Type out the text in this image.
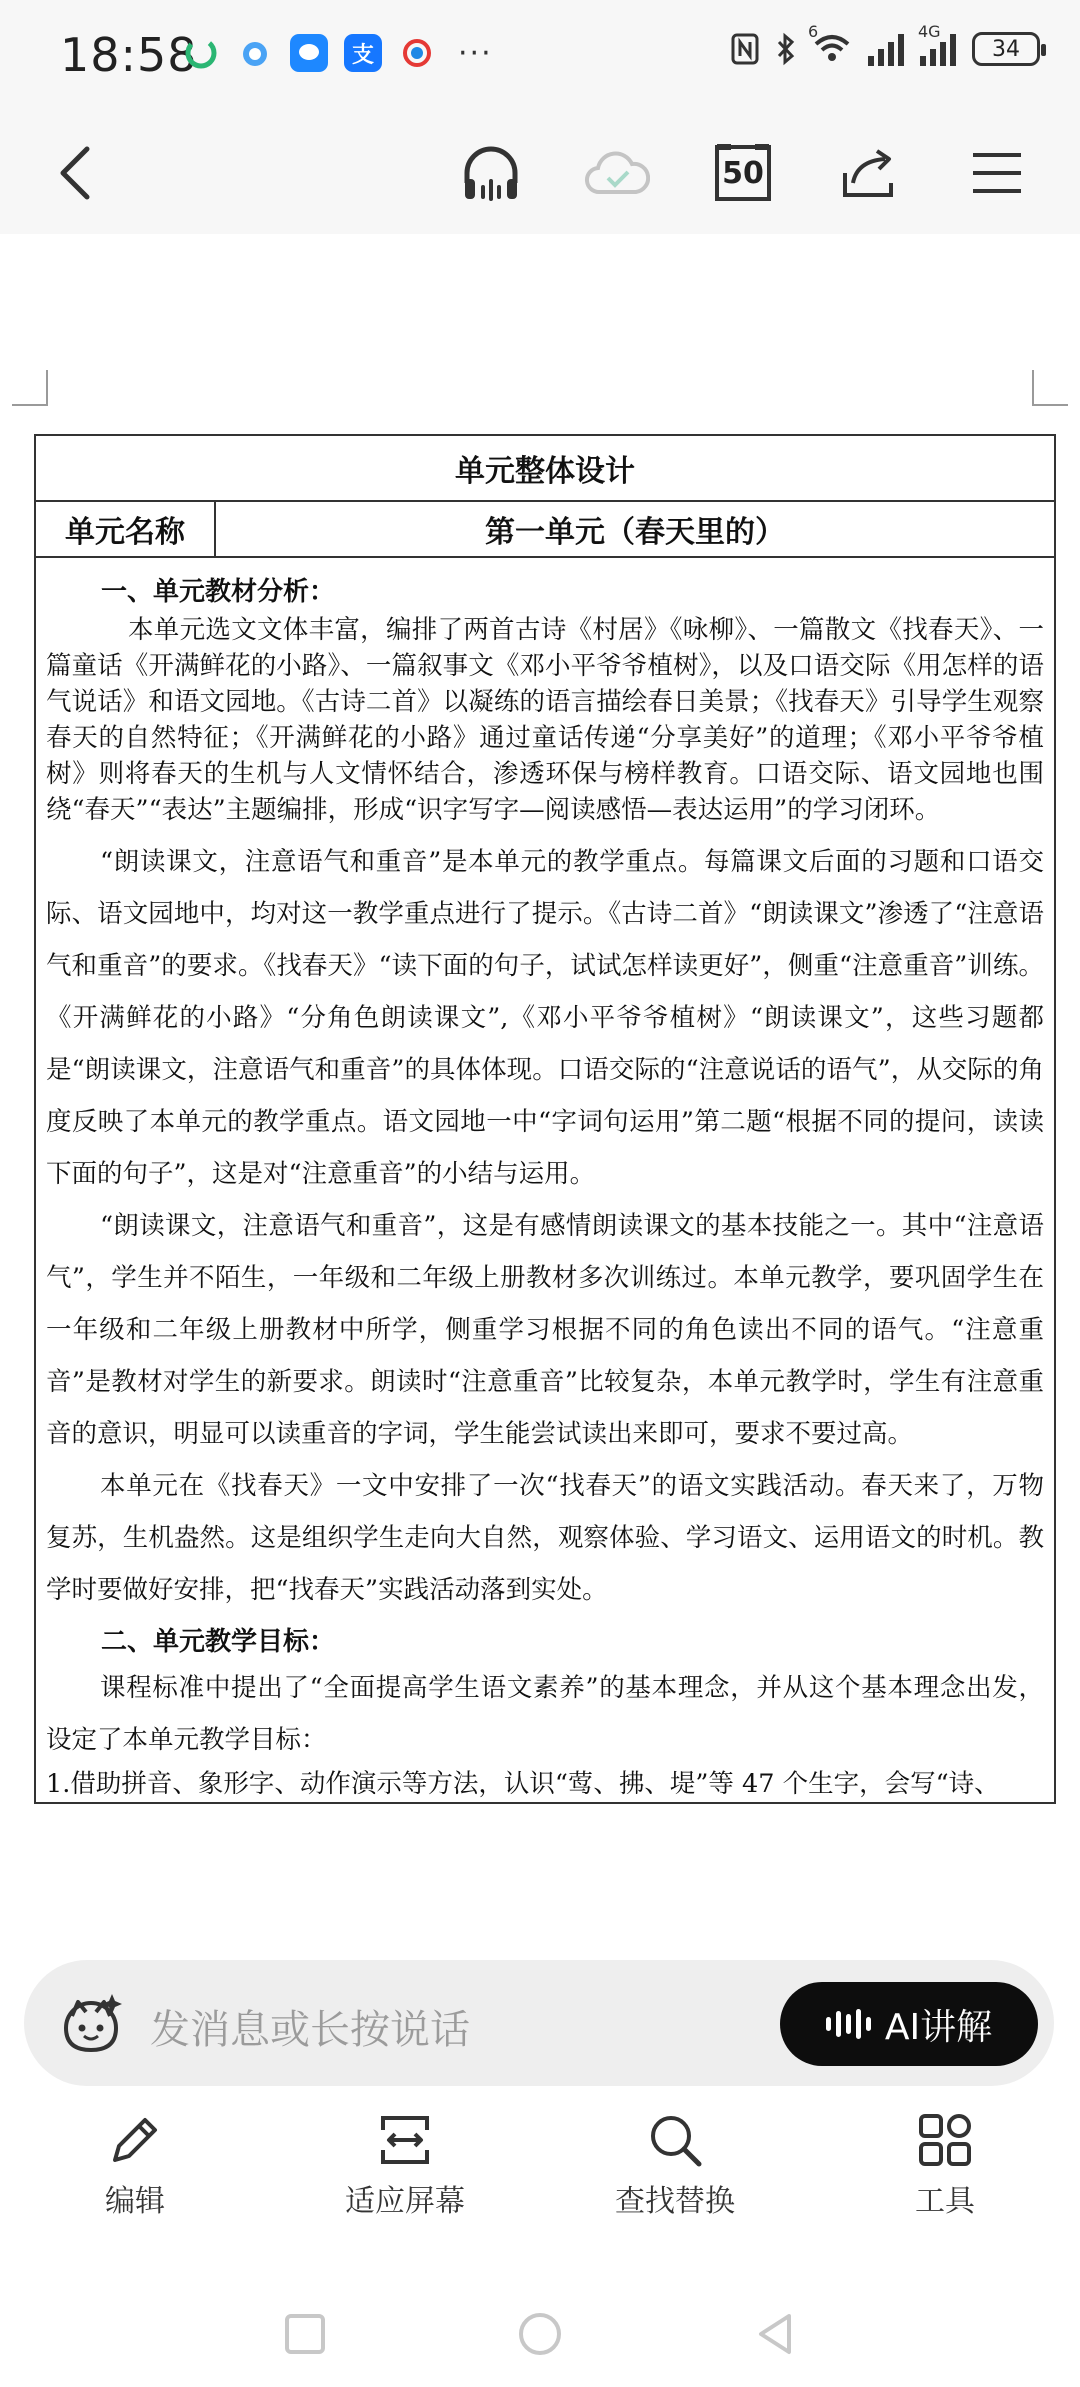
18:58	支	···
6	4G
34
50
单元整体设计
单元名称	第一单元（春天里的）
一、单元教材分析：

本单元选文文体丰富，编排了两首古诗《村居》《咏柳》、一篇散文《找春天》、一篇童话《开满鲜花的小路》、一篇叙事文《邓小平爷爷植树》，以及口语交际《用怎样的语气说话》和语文园地。《古诗二首》以凝练的语言描绘春日美景；《找春天》引导学生观察春天的自然特征；《开满鲜花的小路》通过童话传递“分享美好”的道理；《邓小平爷爷植树》则将春天的生机与人文情怀结合，渗透环保与榜样教育。口语交际、语文园地也围绕“春天”“表达”主题编排，形成“识字写字—阅读感悟—表达运用”的学习闭环。

“朗读课文，注意语气和重音”是本单元的教学重点。每篇课文后面的习题和口语交际、语文园地中，均对这一教学重点进行了提示。《古诗二首》“朗读课文”渗透了“注意语气和重音”的要求。《找春天》“读下面的句子，试试怎样读更好”，侧重“注意重音”训练。《开满鲜花的小路》“分角色朗读课文”,《邓小平爷爷植树》“朗读课文”，这些习题都是“朗读课文，注意语气和重音”的具体体现。口语交际的“注意说话的语气”，从交际的角度反映了本单元的教学重点。语文园地一中“字词句运用”第二题“根据不同的提问，读读下面的句子”，这是对“注意重音”的小结与运用。

“朗读课文，注意语气和重音”，这是有感情朗读课文的基本技能之一。其中“注意语气”，学生并不陌生，一年级和二年级上册教材多次训练过。本单元教学，要巩固学生在一年级和二年级上册教材中所学，侧重学习根据不同的角色读出不同的语气。“注意重音”是教材对学生的新要求。朗读时“注意重音”比较复杂，本单元教学时，学生有注意重音的意识，明显可以读重音的字词，学生能尝试读出来即可，要求不要过高。

本单元在《找春天》一文中安排了一次“找春天”的语文实践活动。春天来了，万物复苏，生机盎然。这是组织学生走向大自然，观察体验、学习语文、运用语文的时机。教学时要做好安排，把“找春天”实践活动落到实处。

二、单元教学目标：

课程标准中提出了“全面提高学生语文素养”的基本理念，并从这个基本理念出发，设定了本单元教学目标：

1.借助拼音、象形字、动作演示等方法，认识“莺、拂、堤”等 47 个生字，会写“诗、

发消息或长按说话	AI讲解
编辑	适应屏幕	查找替换	工具
